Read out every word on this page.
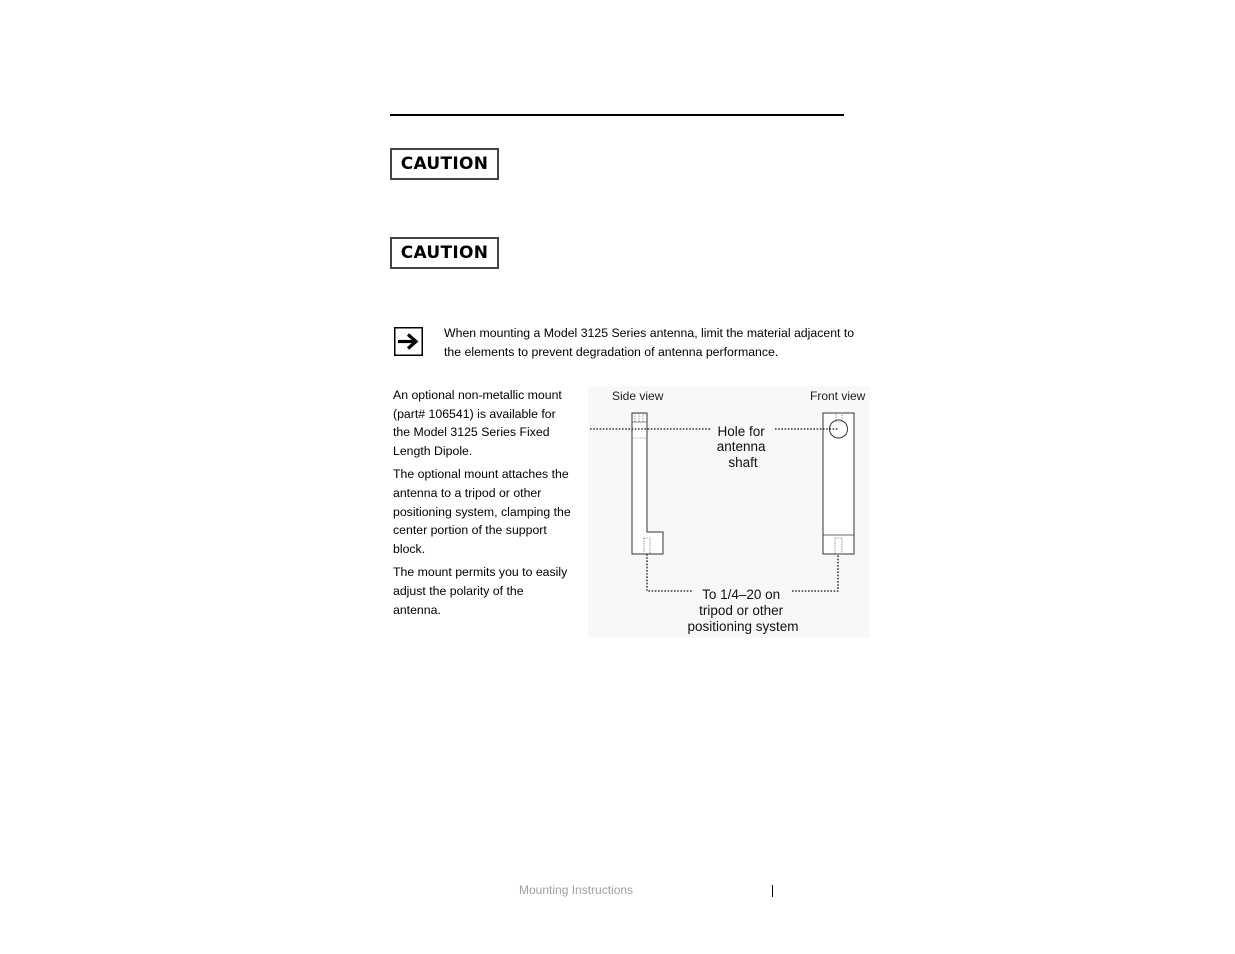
CAUTION
CAUTION
When mounting a Model 3125 Series antenna, limit the material adjacent to
the elements to prevent degradation of antenna performance.

An optional non-metallic mount
(part# 106541) is available for
the Model 3125 Series Fixed
Length Dipole.

The optional mount attaches the
antenna to a tripod or other
positioning system, clamping the
center portion of the support
block.

The mount permits you to easily
adjust the polarity of the
antenna.

Side view	Front view
Hole for antenna shaft
To 1/4–20 on tripod or other positioning system
Mounting Instructions
